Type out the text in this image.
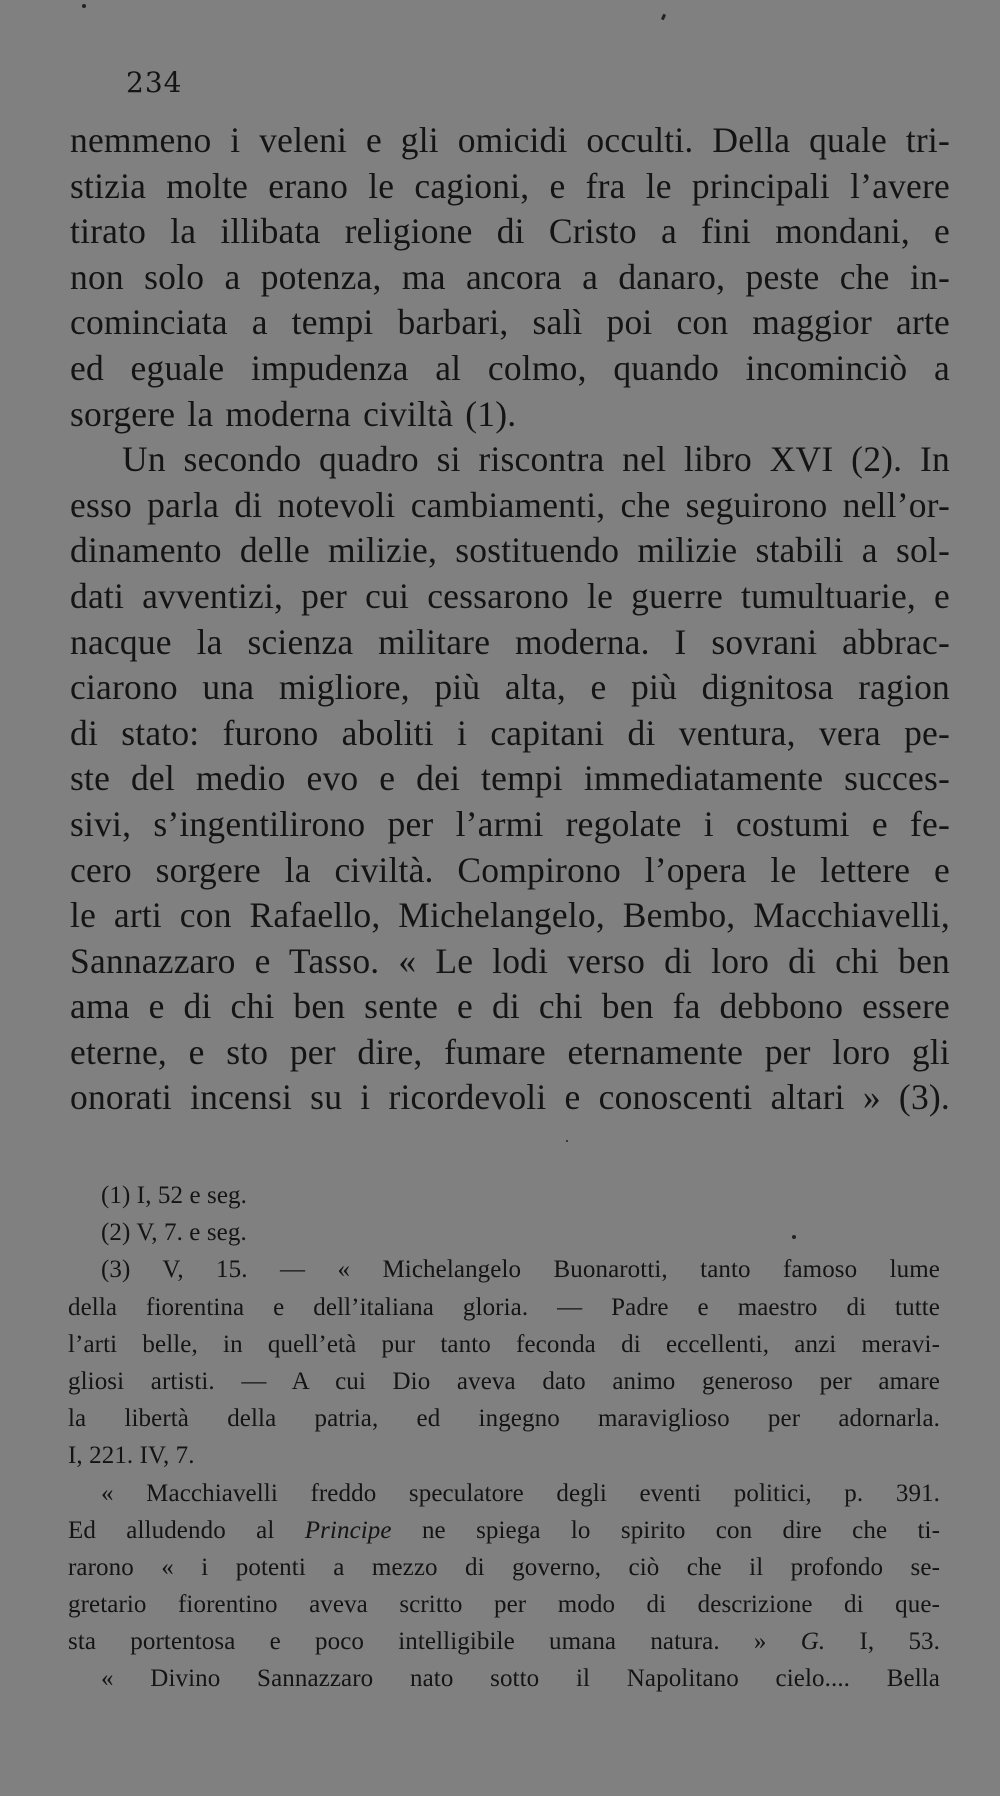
234
nemmeno i veleni e gli omicidi occulti. Della quale tri-
stizia molte erano le cagioni, e fra le principali l’avere
tirato la illibata religione di Cristo a fini mondani, e
non solo a potenza, ma ancora a danaro, peste che in-
cominciata a tempi barbari, salì poi con maggior arte
ed eguale impudenza al colmo, quando incominciò a
sorgere la moderna civiltà (1).
Un secondo quadro si riscontra nel libro XVI (2). In
esso parla di notevoli cambiamenti, che seguirono nell’or-
dinamento delle milizie, sostituendo milizie stabili a sol-
dati avventizi, per cui cessarono le guerre tumultuarie, e
nacque la scienza militare moderna. I sovrani abbrac-
ciarono una migliore, più alta, e più dignitosa ragion
di stato: furono aboliti i capitani di ventura, vera pe-
ste del medio evo e dei tempi immediatamente succes-
sivi, s’ingentilirono per l’armi regolate i costumi e fe-
cero sorgere la civiltà. Compirono l’opera le lettere e
le arti con Rafaello, Michelangelo, Bembo, Macchiavelli,
Sannazzaro e Tasso. « Le lodi verso di loro di chi ben
ama e di chi ben sente e di chi ben fa debbono essere
eterne, e sto per dire, fumare eternamente per loro gli
onorati incensi su i ricordevoli e conoscenti altari » (3).
(1) I, 52 e seg.
(2) V, 7. e seg.
(3) V, 15. — « Michelangelo Buonarotti, tanto famoso lume
della fiorentina e dell’italiana gloria. — Padre e maestro di tutte
l’arti belle, in quell’età pur tanto feconda di eccellenti, anzi meravi-
gliosi artisti. — A cui Dio aveva dato animo generoso per amare
la libertà della patria, ed ingegno maraviglioso per adornarla.
I, 221. IV, 7.
« Macchiavelli freddo speculatore degli eventi politici, p. 391.
Ed alludendo al Principe ne spiega lo spirito con dire che ti-
rarono « i potenti a mezzo di governo, ciò che il profondo se-
gretario fiorentino aveva scritto per modo di descrizione di que-
sta portentosa e poco intelligibile umana natura. » G. I, 53.
« Divino Sannazzaro nato sotto il Napolitano cielo.... Bella
